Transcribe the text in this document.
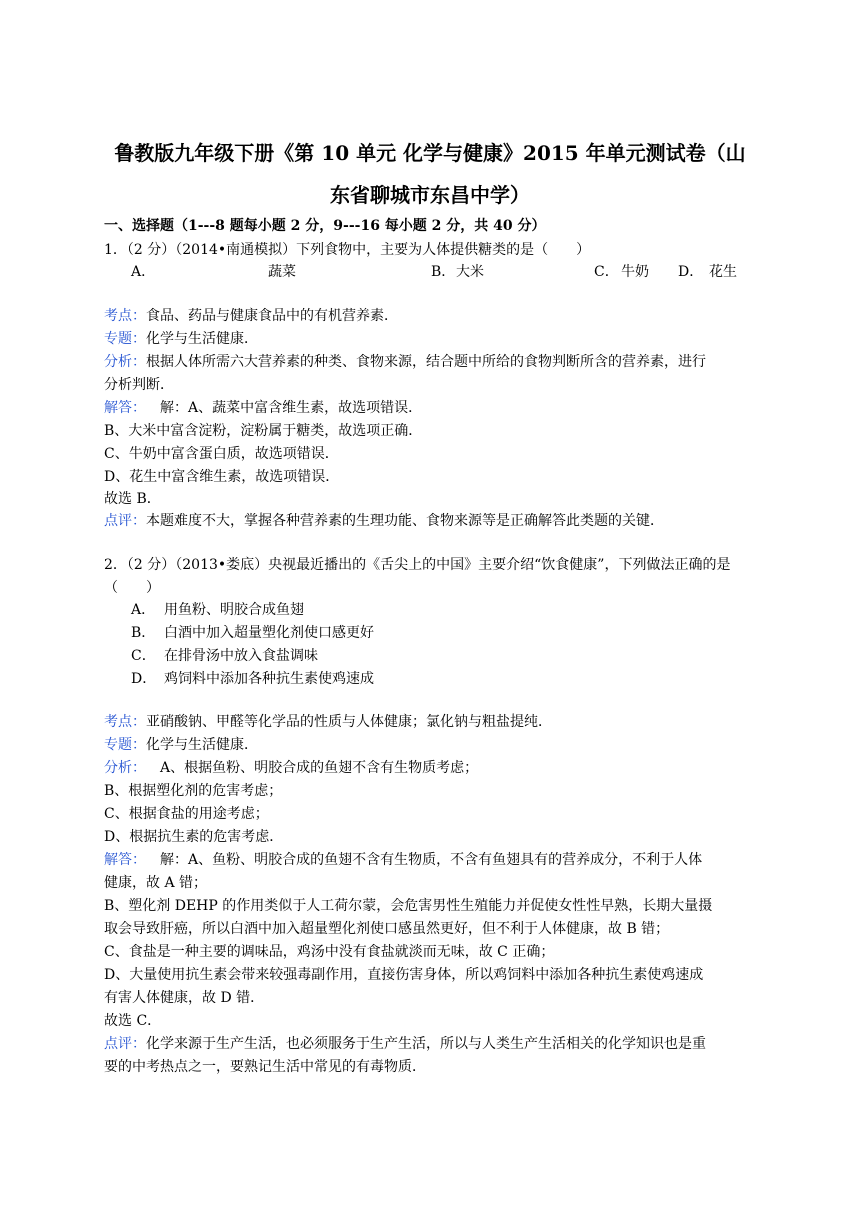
鲁教版九年级下册《第 10 单元 化学与健康》2015 年单元测试卷（山
东省聊城市东昌中学）
一、选择题（1---8 题每小题 2 分，9---16 每小题 2 分，共 40 分）
1．（2 分）（2014•南通模拟）下列食物中，主要为人体提供糖类的是（　　）
A．	蔬菜	B． 大米	C． 牛奶 D． 花生
考点：食品、药品与健康食品中的有机营养素．
专题：化学与生活健康．
分析：根据人体所需六大营养素的种类、食物来源，结合题中所给的食物判断所含的营养素，进行
分析判断．
解答： 解：A、蔬菜中富含维生素，故选项错误．
B、大米中富含淀粉，淀粉属于糖类，故选项正确．
C、牛奶中富含蛋白质，故选项错误．
D、花生中富含维生素，故选项错误．
故选 B．
点评：本题难度不大，掌握各种营养素的生理功能、食物来源等是正确解答此类题的关键．
2．（2 分）（2013•娄底）央视最近播出的《舌尖上的中国》主要介绍“饮食健康”，下列做法正确的是
（　　）
A． 用鱼粉、明胶合成鱼翅
B． 白酒中加入超量塑化剂使口感更好
C． 在排骨汤中放入食盐调味
D． 鸡饲料中添加各种抗生素使鸡速成
考点：亚硝酸钠、甲醛等化学品的性质与人体健康；氯化钠与粗盐提纯．
专题：化学与生活健康．
分析： A、根据鱼粉、明胶合成的鱼翅不含有生物质考虑；
B、根据塑化剂的危害考虑；
C、根据食盐的用途考虑；
D、根据抗生素的危害考虑．
解答： 解：A、鱼粉、明胶合成的鱼翅不含有生物质，不含有鱼翅具有的营养成分，不利于人体
健康，故 A 错；
B、塑化剂 DEHP 的作用类似于人工荷尔蒙，会危害男性生殖能力并促使女性性早熟，长期大量摄
取会导致肝癌，所以白酒中加入超量塑化剂使口感虽然更好，但不利于人体健康，故 B 错；
C、食盐是一种主要的调味品，鸡汤中没有食盐就淡而无味，故 C 正确；
D、大量使用抗生素会带来较强毒副作用，直接伤害身体，所以鸡饲料中添加各种抗生素使鸡速成
有害人体健康，故 D 错．
故选 C．
点评：化学来源于生产生活，也必须服务于生产生活，所以与人类生产生活相关的化学知识也是重
要的中考热点之一，要熟记生活中常见的有毒物质．
